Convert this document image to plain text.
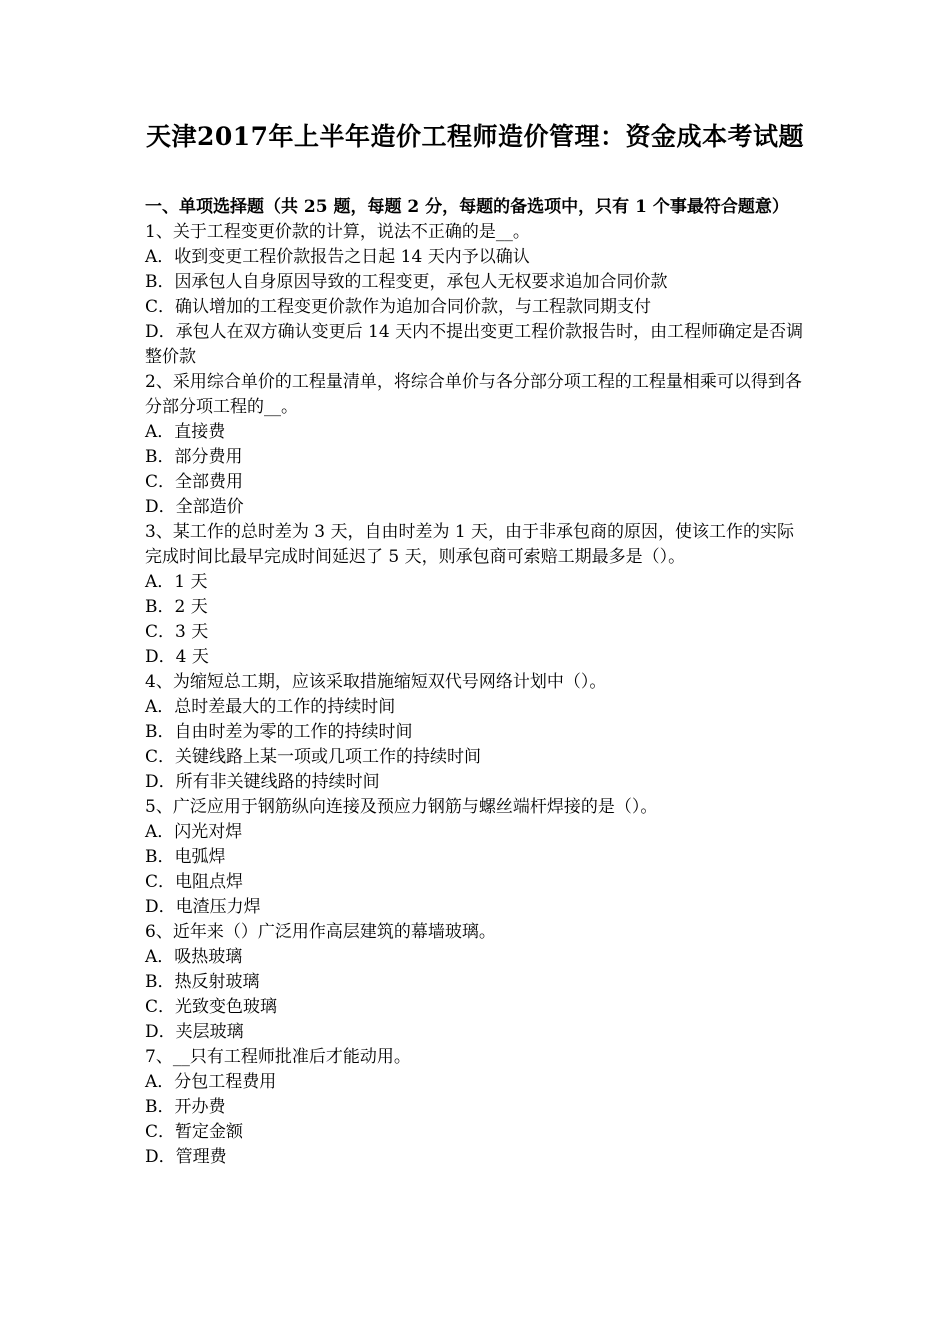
天津2017年上半年造价工程师造价管理：资金成本考试题

一、单项选择题（共 25 题，每题 2 分，每题的备选项中，只有 1 个事最符合题意）

1、关于工程变更价款的计算，说法不正确的是__。

A．收到变更工程价款报告之日起 14 天内予以确认

B．因承包人自身原因导致的工程变更，承包人无权要求追加合同价款

C．确认增加的工程变更价款作为追加合同价款，与工程款同期支付

D．承包人在双方确认变更后 14 天内不提出变更工程价款报告时，由工程师确定是否调整价款

2、采用综合单价的工程量清单，将综合单价与各分部分项工程的工程量相乘可以得到各分部分项工程的__。

A．直接费

B．部分费用

C．全部费用

D．全部造价

3、某工作的总时差为 3 天，自由时差为 1 天，由于非承包商的原因，使该工作的实际完成时间比最早完成时间延迟了 5 天，则承包商可索赔工期最多是（）。

A．1 天

B．2 天

C．3 天

D．4 天

4、为缩短总工期，应该采取措施缩短双代号网络计划中（）。

A．总时差最大的工作的持续时间

B．自由时差为零的工作的持续时间

C．关键线路上某一项或几项工作的持续时间

D．所有非关键线路的持续时间

5、广泛应用于钢筋纵向连接及预应力钢筋与螺丝端杆焊接的是（）。

A．闪光对焊

B．电弧焊

C．电阻点焊

D．电渣压力焊

6、近年来（）广泛用作高层建筑的幕墙玻璃。

A．吸热玻璃

B．热反射玻璃

C．光致变色玻璃

D．夹层玻璃

7、__只有工程师批准后才能动用。

A．分包工程费用

B．开办费

C．暂定金额

D．管理费
